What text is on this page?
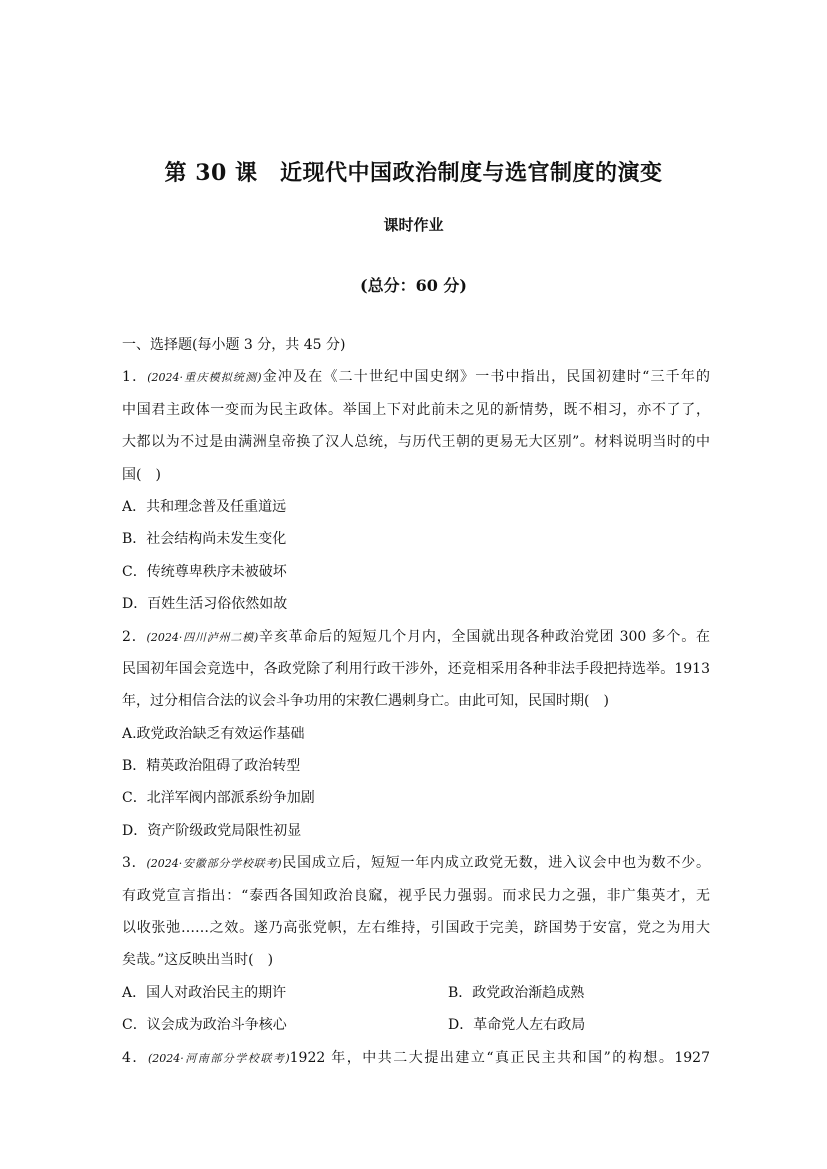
第 30 课　近现代中国政治制度与选官制度的演变
课时作业
(总分：60 分)
一、选择题(每小题 3 分，共 45 分)
1．(2024·重庆模拟统测)金冲及在《二十世纪中国史纲》一书中指出，民国初建时“三千年的
中国君主政体一变而为民主政体。举国上下对此前未之见的新情势，既不相习，亦不了了，
大都以为不过是由满洲皇帝换了汉人总统，与历代王朝的更易无大区别”。材料说明当时的中
国(　)
A．共和理念普及任重道远
B．社会结构尚未发生变化
C．传统尊卑秩序未被破坏
D．百姓生活习俗依然如故
2．(2024·四川泸州二模)辛亥革命后的短短几个月内，全国就出现各种政治党团 300 多个。在
民国初年国会竞选中，各政党除了利用行政干涉外，还竞相采用各种非法手段把持选举。1913
年，过分相信合法的议会斗争功用的宋教仁遇刺身亡。由此可知，民国时期(　)
A.政党政治缺乏有效运作基础
B．精英政治阻碍了政治转型
C．北洋军阀内部派系纷争加剧
D．资产阶级政党局限性初显
3．(2024·安徽部分学校联考)民国成立后，短短一年内成立政党无数，进入议会中也为数不少。
有政党宣言指出：“泰西各国知政治良窳，视乎民力强弱。而求民力之强，非广集英才，无
以收张弛……之效。遂乃高张党帜，左右维持，引国政于完美，跻国势于安富，党之为用大
矣哉。”这反映出当时(　)
A．国人对政治民主的期许	B．政党政治渐趋成熟
C．议会成为政治斗争核心	D．革命党人左右政局
4．(2024·河南部分学校联考)1922 年，中共二大提出建立“真正民主共和国”的构想。1927
